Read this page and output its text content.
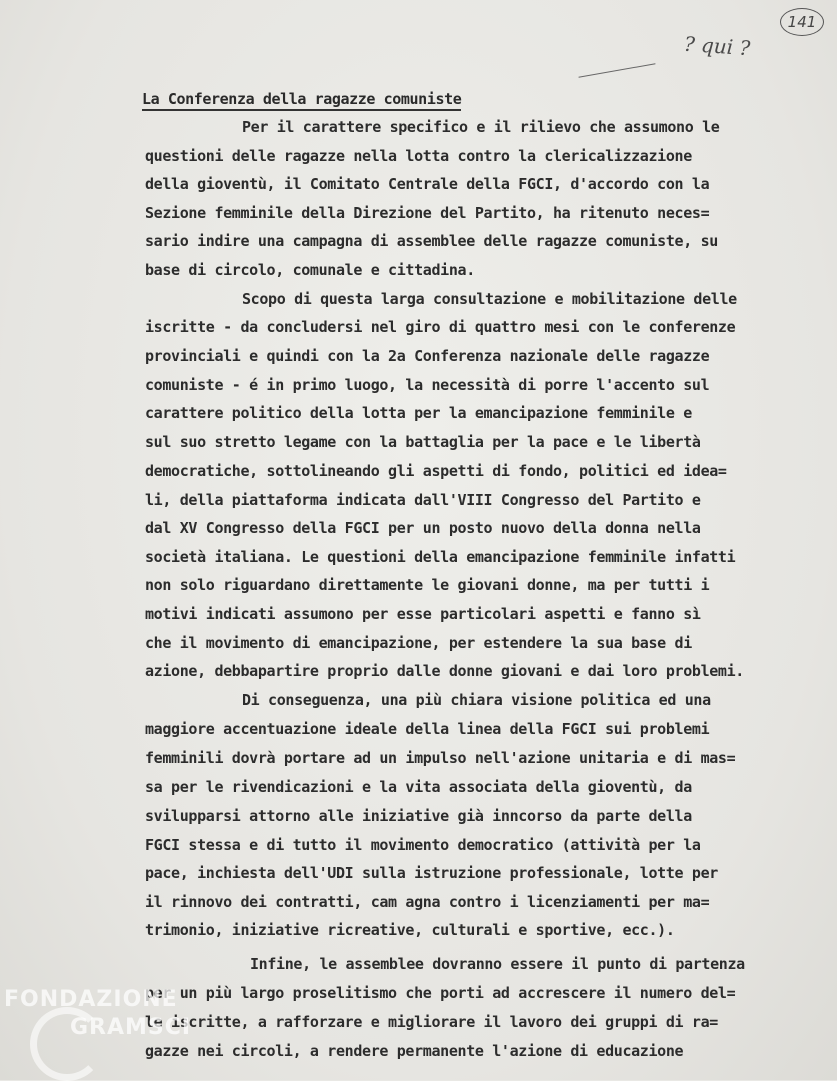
141
? qui ?
La Conferenza della ragazze comuniste
Per il carattere specifico e il rilievo che assumono le
questioni delle ragazze nella lotta contro la clericalizzazione
della gioventù, il Comitato Centrale della FGCI, d'accordo con la
Sezione femminile della Direzione del Partito, ha ritenuto neces=
sario indire una campagna di assemblee delle ragazze comuniste, su
base di circolo, comunale e cittadina.
Scopo di questa larga consultazione e mobilitazione delle
iscritte - da concludersi nel giro di quattro mesi con le conferenze
provinciali e quindi con la 2a Conferenza nazionale delle ragazze
comuniste - é in primo luogo, la necessità di porre l'accento sul
carattere politico della lotta per la emancipazione femminile e
sul suo stretto legame con la battaglia per la pace e le libertà
democratiche, sottolineando gli aspetti di fondo, politici ed idea=
li, della piattaforma indicata dall'VIII Congresso del Partito e
dal XV Congresso della FGCI per un posto nuovo della donna nella
società italiana. Le questioni della emancipazione femminile infatti
non solo riguardano direttamente le giovani donne, ma per tutti i
motivi indicati assumono per esse particolari aspetti e fanno sì
che il movimento di emancipazione, per estendere la sua base di
azione, debbapartire proprio dalle donne giovani e dai loro problemi.
Di conseguenza, una più chiara visione politica ed una
maggiore accentuazione ideale della linea della FGCI sui problemi
femminili dovrà portare ad un impulso nell'azione unitaria e di mas=
sa per le rivendicazioni e la vita associata della gioventù, da
svilupparsi attorno alle iniziative già inncorso da parte della
FGCI stessa e di tutto il movimento democratico (attività per la
pace, inchiesta dell'UDI sulla istruzione professionale, lotte per
il rinnovo dei contratti, cam agna contro i licenziamenti per ma=
trimonio, iniziative ricreative, culturali e sportive, ecc.).
Infine, le assemblee dovranno essere il punto di partenza
per un più largo proselitismo che porti ad accrescere il numero del=
le iscritte, a rafforzare e migliorare il lavoro dei gruppi di ra=
gazze nei circoli, a rendere permanente l'azione di educazione
FONDAZIONE
GRAMSCI
